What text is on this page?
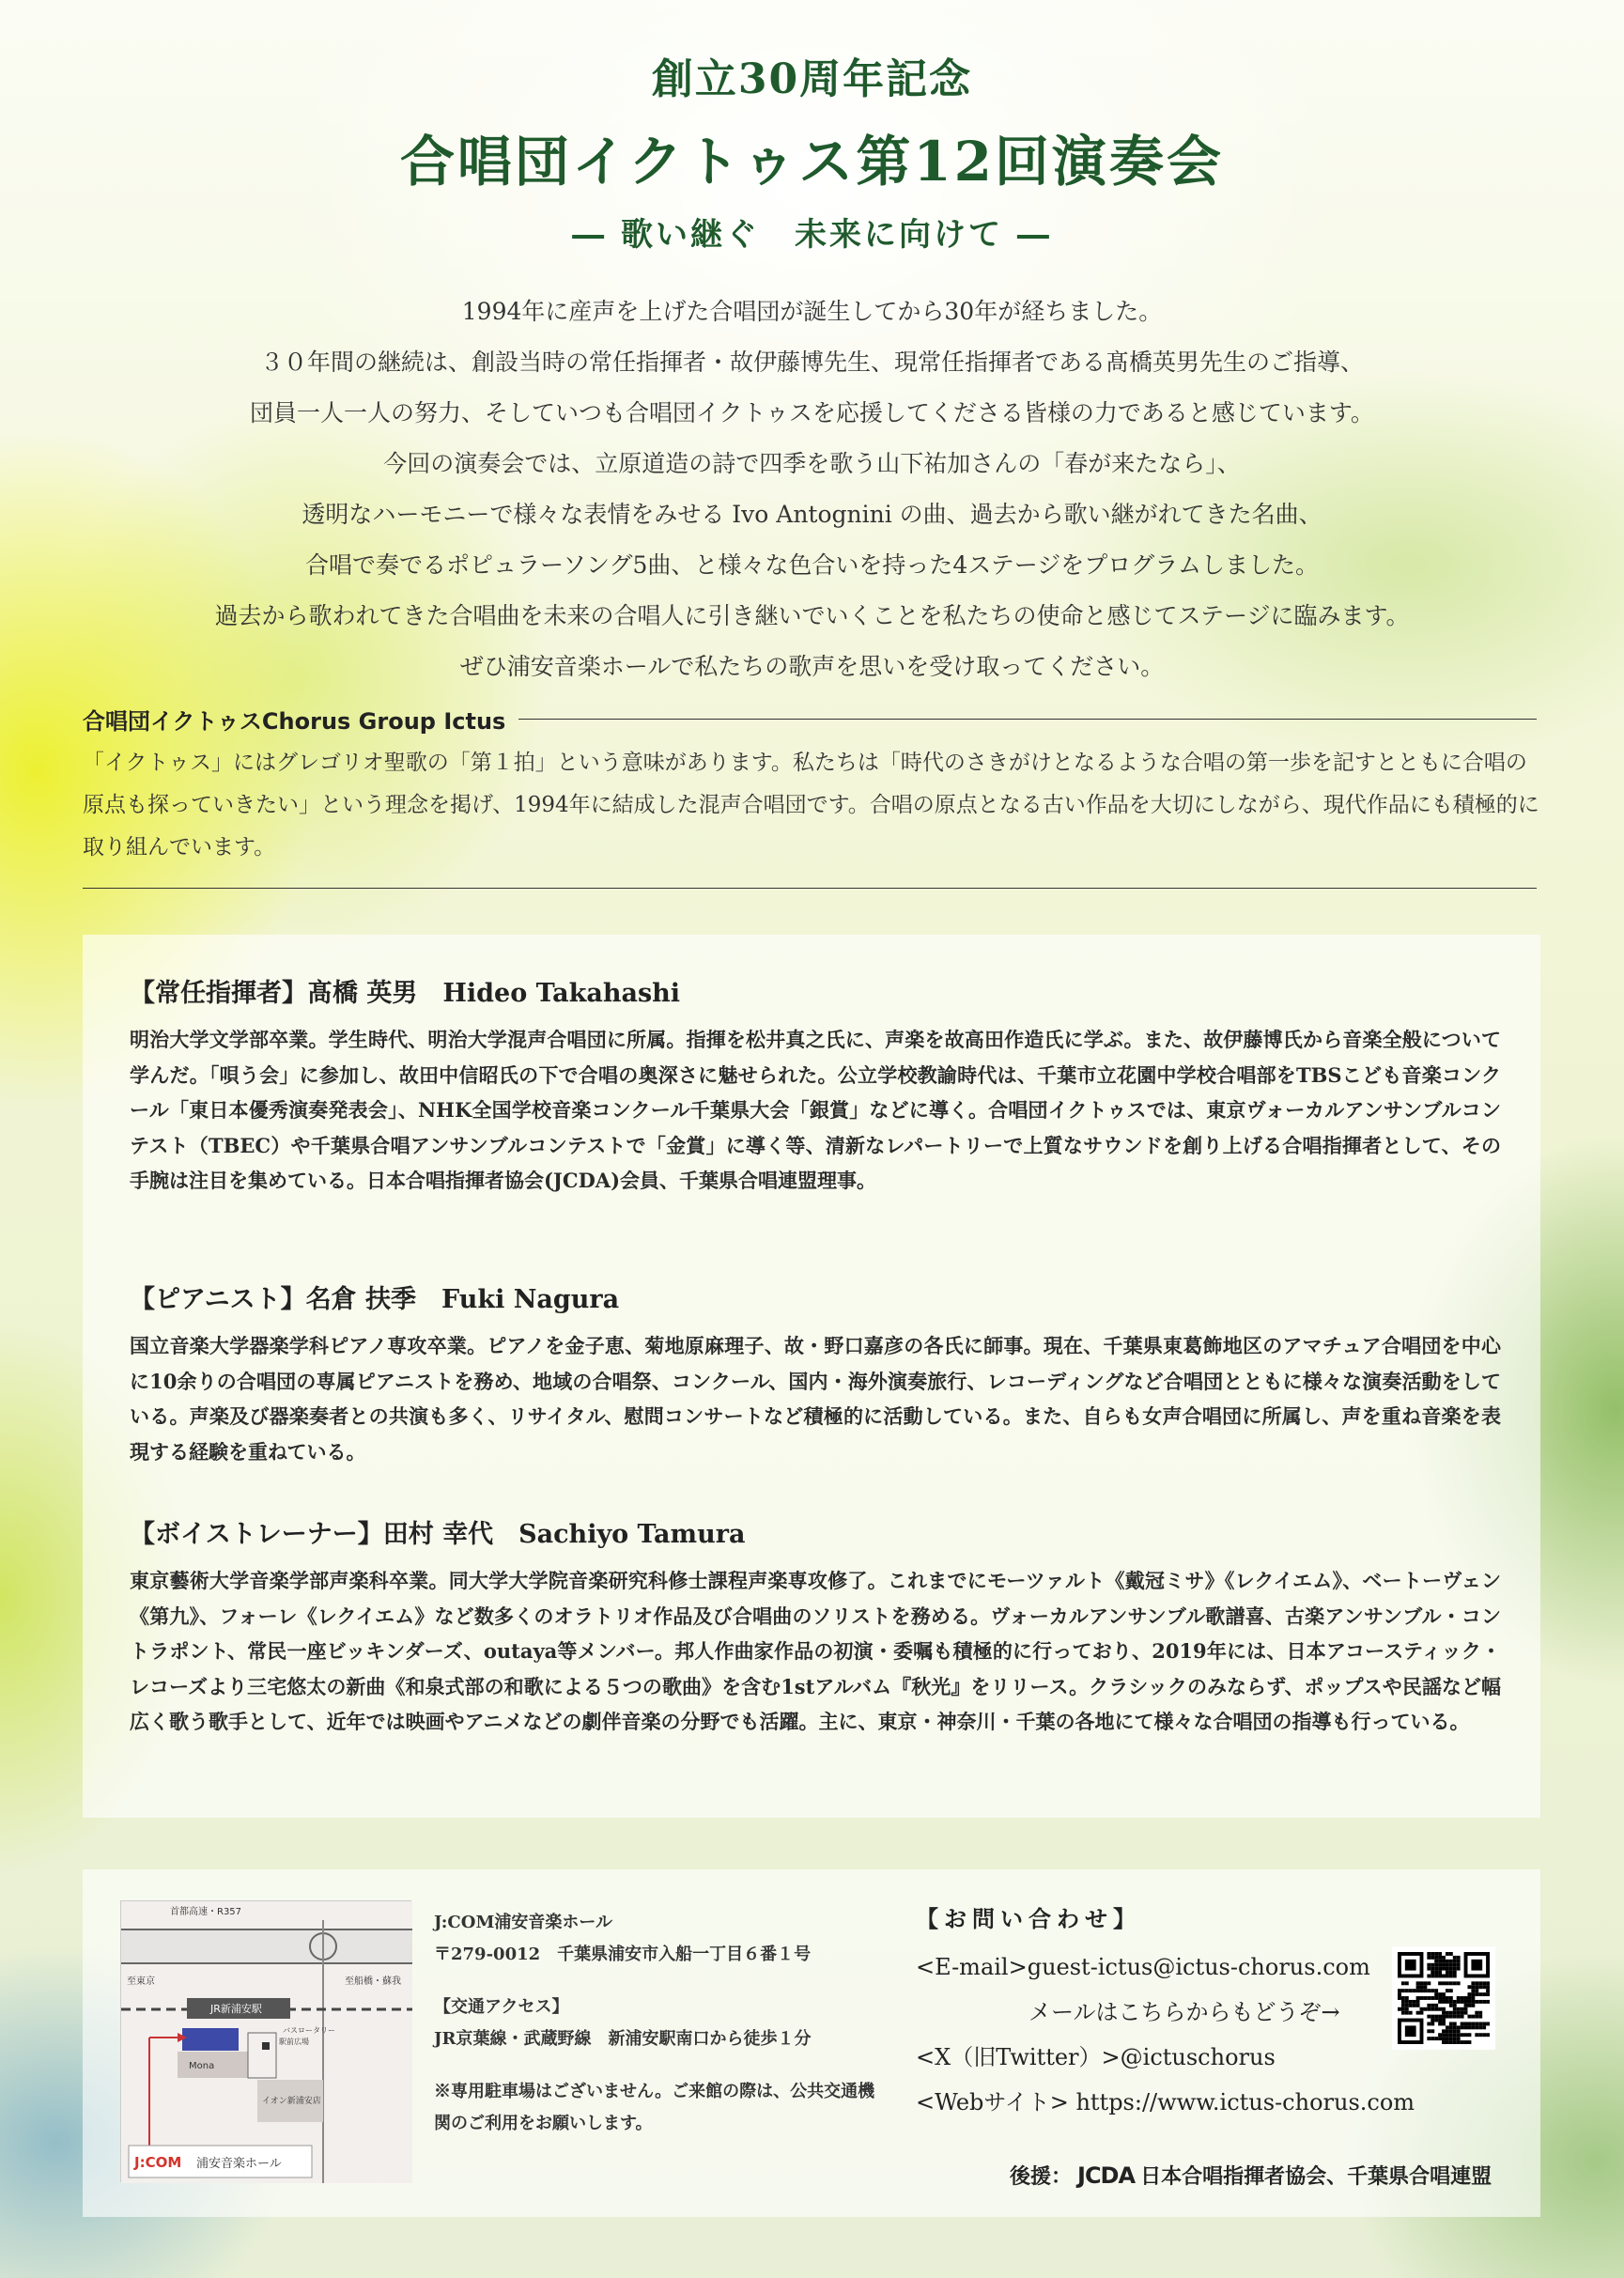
創立30周年記念
合唱団イクトゥス第12回演奏会
― 歌い継ぐ　未来に向けて ―

1994年に産声を上げた合唱団が誕生してから30年が経ちました。

３０年間の継続は、創設当時の常任指揮者・故伊藤博先生、現常任指揮者である髙橋英男先生のご指導、

団員一人一人の努力、そしていつも合唱団イクトゥスを応援してくださる皆様の力であると感じています。

今回の演奏会では、立原道造の詩で四季を歌う山下祐加さんの「春が来たなら」、

透明なハーモニーで様々な表情をみせる Ivo Antognini の曲、過去から歌い継がれてきた名曲、

合唱で奏でるポピュラーソング5曲、と様々な色合いを持った4ステージをプログラムしました。

過去から歌われてきた合唱曲を未来の合唱人に引き継いでいくことを私たちの使命と感じてステージに臨みます。

ぜひ浦安音楽ホールで私たちの歌声を思いを受け取ってください。

合唱団イクトゥスChorus Group Ictus
「イクトゥス」にはグレゴリオ聖歌の「第１拍」という意味があります。私たちは「時代のさきがけとなるような合唱の第一歩を記すとともに合唱の原点も探っていきたい」という理念を掲げ、1994年に結成した混声合唱団です。合唱の原点となる古い作品を大切にしながら、現代作品にも積極的に取り組んでいます。
【常任指揮者】髙橋 英男　Hideo Takahashi

明治大学文学部卒業。学生時代、明治大学混声合唱団に所属。指揮を松井真之氏に、声楽を故高田作造氏に学ぶ。また、故伊藤博氏から音楽全般について学んだ。「唄う会」に参加し、故田中信昭氏の下で合唱の奥深さに魅せられた。公立学校教諭時代は、千葉市立花園中学校合唱部をTBSこども音楽コンクール「東日本優秀演奏発表会」、NHK全国学校音楽コンクール千葉県大会「銀賞」などに導く。合唱団イクトゥスでは、東京ヴォーカルアンサンブルコンテスト（TBEC）や千葉県合唱アンサンブルコンテストで「金賞」に導く等、清新なレパートリーで上質なサウンドを創り上げる合唱指揮者として、その手腕は注目を集めている。日本合唱指揮者協会(JCDA)会員、千葉県合唱連盟理事。

【ピアニスト】名倉 扶季　Fuki Nagura

国立音楽大学器楽学科ピアノ専攻卒業。ピアノを金子恵、菊地原麻理子、故・野口嘉彦の各氏に師事。現在、千葉県東葛飾地区のアマチュア合唱団を中心に10余りの合唱団の専属ピアニストを務め、地域の合唱祭、コンクール、国内・海外演奏旅行、レコーディングなど合唱団とともに様々な演奏活動をしている。声楽及び器楽奏者との共演も多く、リサイタル、慰問コンサートなど積極的に活動している。また、自らも女声合唱団に所属し、声を重ね音楽を表現する経験を重ねている。

【ボイストレーナー】田村 幸代　Sachiyo Tamura

東京藝術大学音楽学部声楽科卒業。同大学大学院音楽研究科修士課程声楽専攻修了。これまでにモーツァルト《戴冠ミサ》《レクイエム》、ベートーヴェン《第九》、フォーレ《レクイエム》など数多くのオラトリオ作品及び合唱曲のソリストを務める。ヴォーカルアンサンブル歌譜喜、古楽アンサンブル・コントラポント、常民一座ビッキンダーズ、outaya等メンバー。邦人作曲家作品の初演・委嘱も積極的に行っており、2019年には、日本アコースティック・レコーズより三宅悠太の新曲《和泉式部の和歌による５つの歌曲》を含む1stアルバム『秋光』をリリース。クラシックのみならず、ポップスや民謡など幅広く歌う歌手として、近年では映画やアニメなどの劇伴音楽の分野でも活躍。主に、東京・神奈川・千葉の各地にて様々な合唱団の指導も行っている。

首都高速・R357
至東京	至船橋・蘇我
JR新浦安駅
Mona
駅前広場
バスロータリー
イオン新浦安店
J:COM 浦安音楽ホール

J:COM浦安音楽ホール

〒279-0012　千葉県浦安市入船一丁目６番１号

【交通アクセス】

JR京葉線・武蔵野線　新浦安駅南口から徒歩１分

※専用駐車場はございません。ご来館の際は、公共交通機関のご利用をお願いします。

【お問い合わせ】

<E-mail>guest-ictus@ictus-chorus.com

メールはこちらからもどうぞ→

<X（旧Twitter）>@ictuschorus

<Webサイト> https://www.ictus-chorus.com

後援： JCDA 日本合唱指揮者協会、千葉県合唱連盟
